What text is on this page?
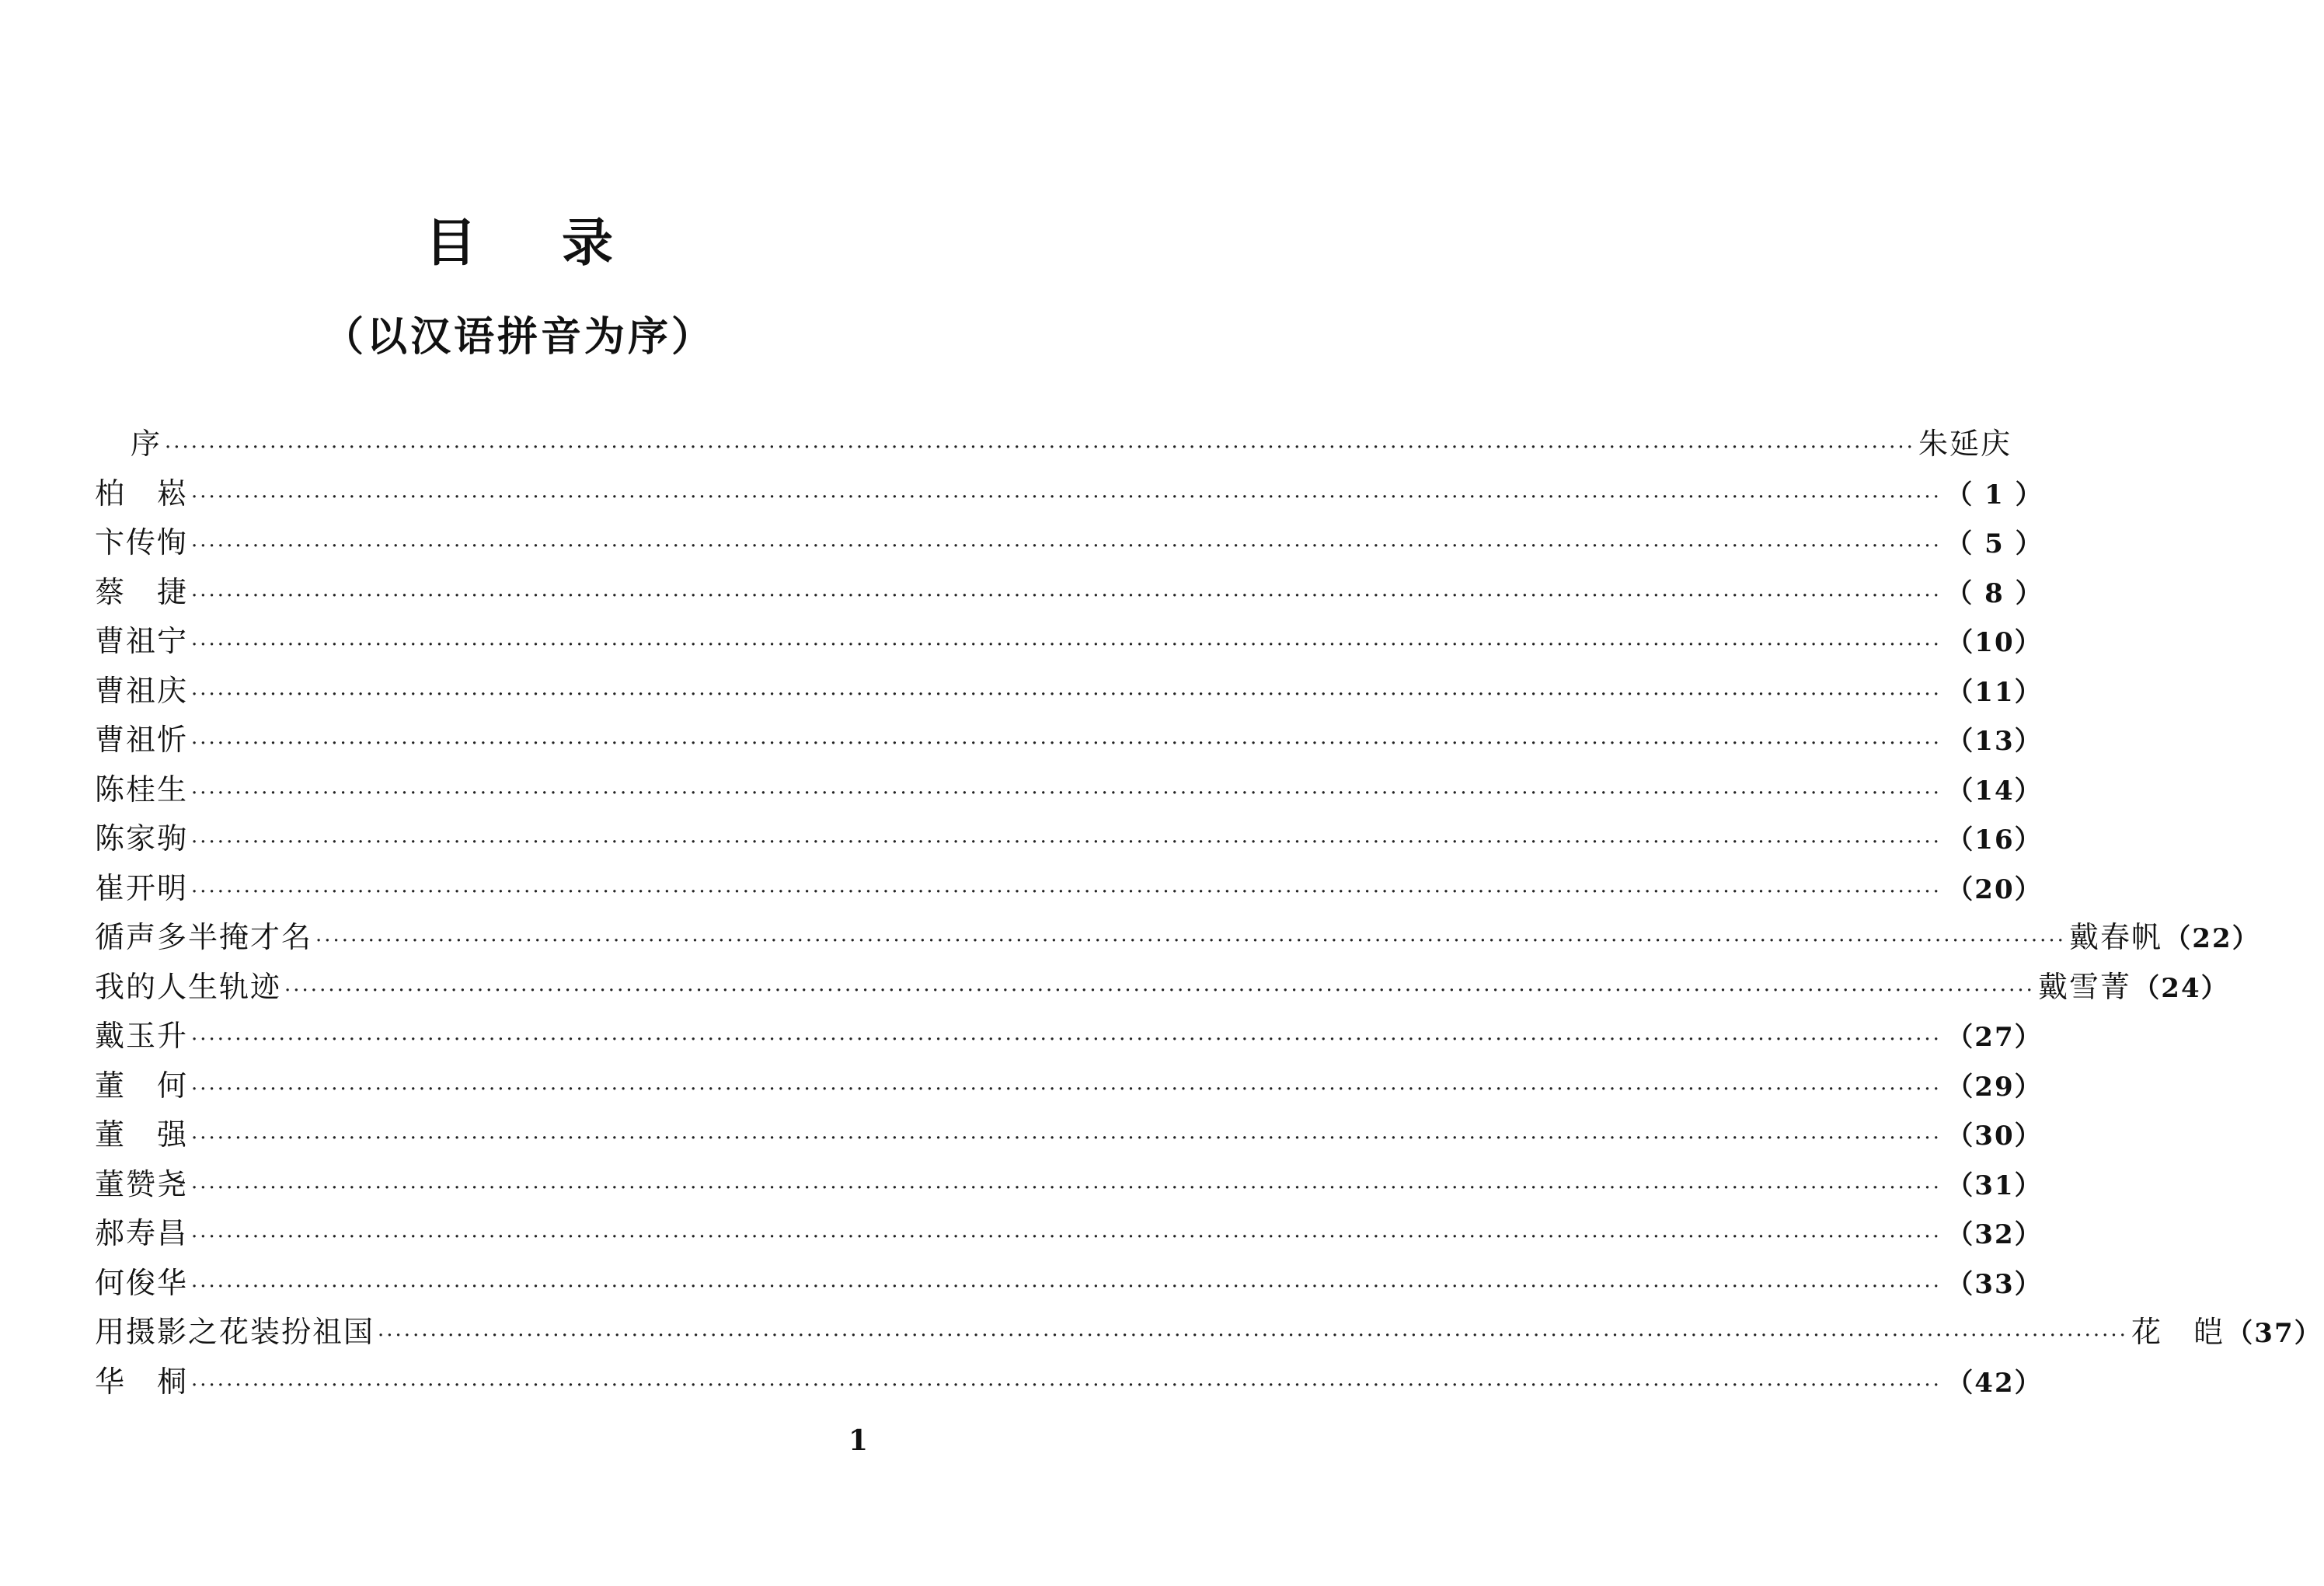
目录
（以汉语拼音为序）
序 ········································································································································································································ 朱延庆
柏　崧 ········································································································································································································ （ 1 ）
卞传恂 ········································································································································································································ （ 5 ）
蔡　捷 ········································································································································································································ （ 8 ）
曹祖宁 ········································································································································································································ （10）
曹祖庆 ········································································································································································································ （11）
曹祖忻 ········································································································································································································ （13）
陈桂生 ········································································································································································································ （14）
陈家驹 ········································································································································································································ （16）
崔开明 ········································································································································································································ （20）
循声多半掩才名 ········································································································································································································ 戴春帆 （22）
我的人生轨迹 ········································································································································································································ 戴雪菁 （24）
戴玉升 ········································································································································································································ （27）
董　何 ········································································································································································································ （29）
董　强 ········································································································································································································ （30）
董赞尧 ········································································································································································································ （31）
郝寿昌 ········································································································································································································ （32）
何俊华 ········································································································································································································ （33）
用摄影之花装扮祖国 ········································································································································································································ 花　皑 （37）
华　桐 ········································································································································································································ （42）
1
